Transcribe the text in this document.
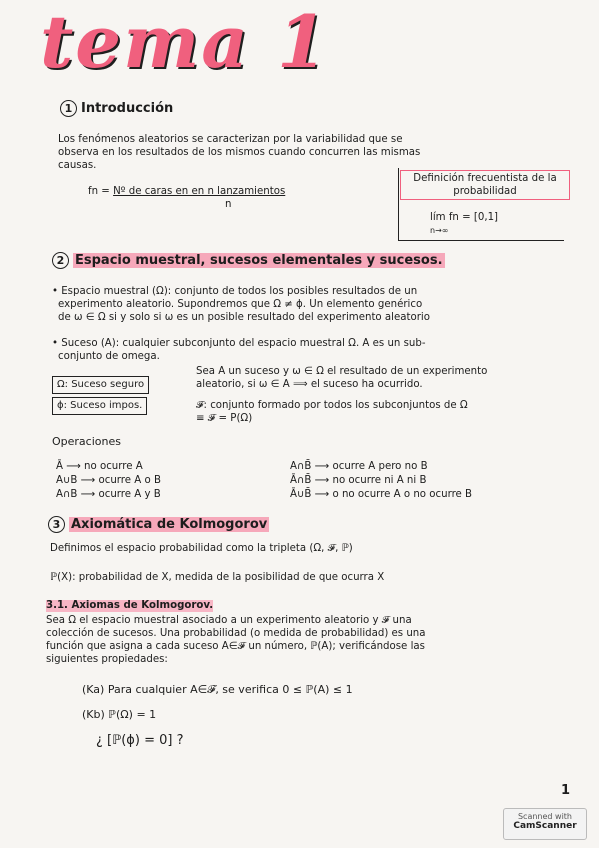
tema 1
1 Introducción
Los fenómenos aleatorios se caracterizan por la variabilidad que se
observa en los resultados de los mismos cuando concurren las mismas
causas.
fn = Nº de caras en en n lanzamientos
n
Definición frecuentista de la probabilidad
lím fn = [0,1]
n→∞
2 Espacio muestral, sucesos elementales y sucesos.
• Espacio muestral (Ω): conjunto de todos los posibles resultados de un
experimento aleatorio. Supondremos que Ω ≠ ϕ. Un elemento genérico
de ω ∈ Ω si y solo si ω es un posible resultado del experimento aleatorio
• Suceso (A): cualquier subconjunto del espacio muestral Ω. A es un sub-
conjunto de omega.
Ω: Suceso seguro
ϕ: Suceso impos.
Sea A un suceso y ω ∈ Ω el resultado de un experimento
aleatorio, si ω ∈ A ⟹ el suceso ha ocurrido.
𝓕: conjunto formado por todos los subconjuntos de Ω
≡ 𝓕 = P(Ω)
Operaciones
Ā ⟶ no ocurre A
A∪B ⟶ ocurre A o B
A∩B ⟶ ocurre A y B
A∩B̄ ⟶ ocurre A pero no B
Ā∩B̄ ⟶ no ocurre ni A ni B
Ā∪B̄ ⟶ o no ocurre A o no ocurre B
3 Axiomática de Kolmogorov
Definimos el espacio probabilidad como la tripleta (Ω, 𝓕, ℙ)
ℙ(X): probabilidad de X, medida de la posibilidad de que ocurra X
3.1. Axiomas de Kolmogorov.
Sea Ω el espacio muestral asociado a un experimento aleatorio y 𝓕 una
colección de sucesos. Una probabilidad (o medida de probabilidad) es una
función que asigna a cada suceso A∈𝓕 un número, ℙ(A); verificándose las
siguientes propiedades:
(Ka) Para cualquier A∈𝓕, se verifica 0 ≤ ℙ(A) ≤ 1
(Kb) ℙ(Ω) = 1
¿ [ℙ(ϕ) = 0] ?
1
Scanned with
CamScanner
